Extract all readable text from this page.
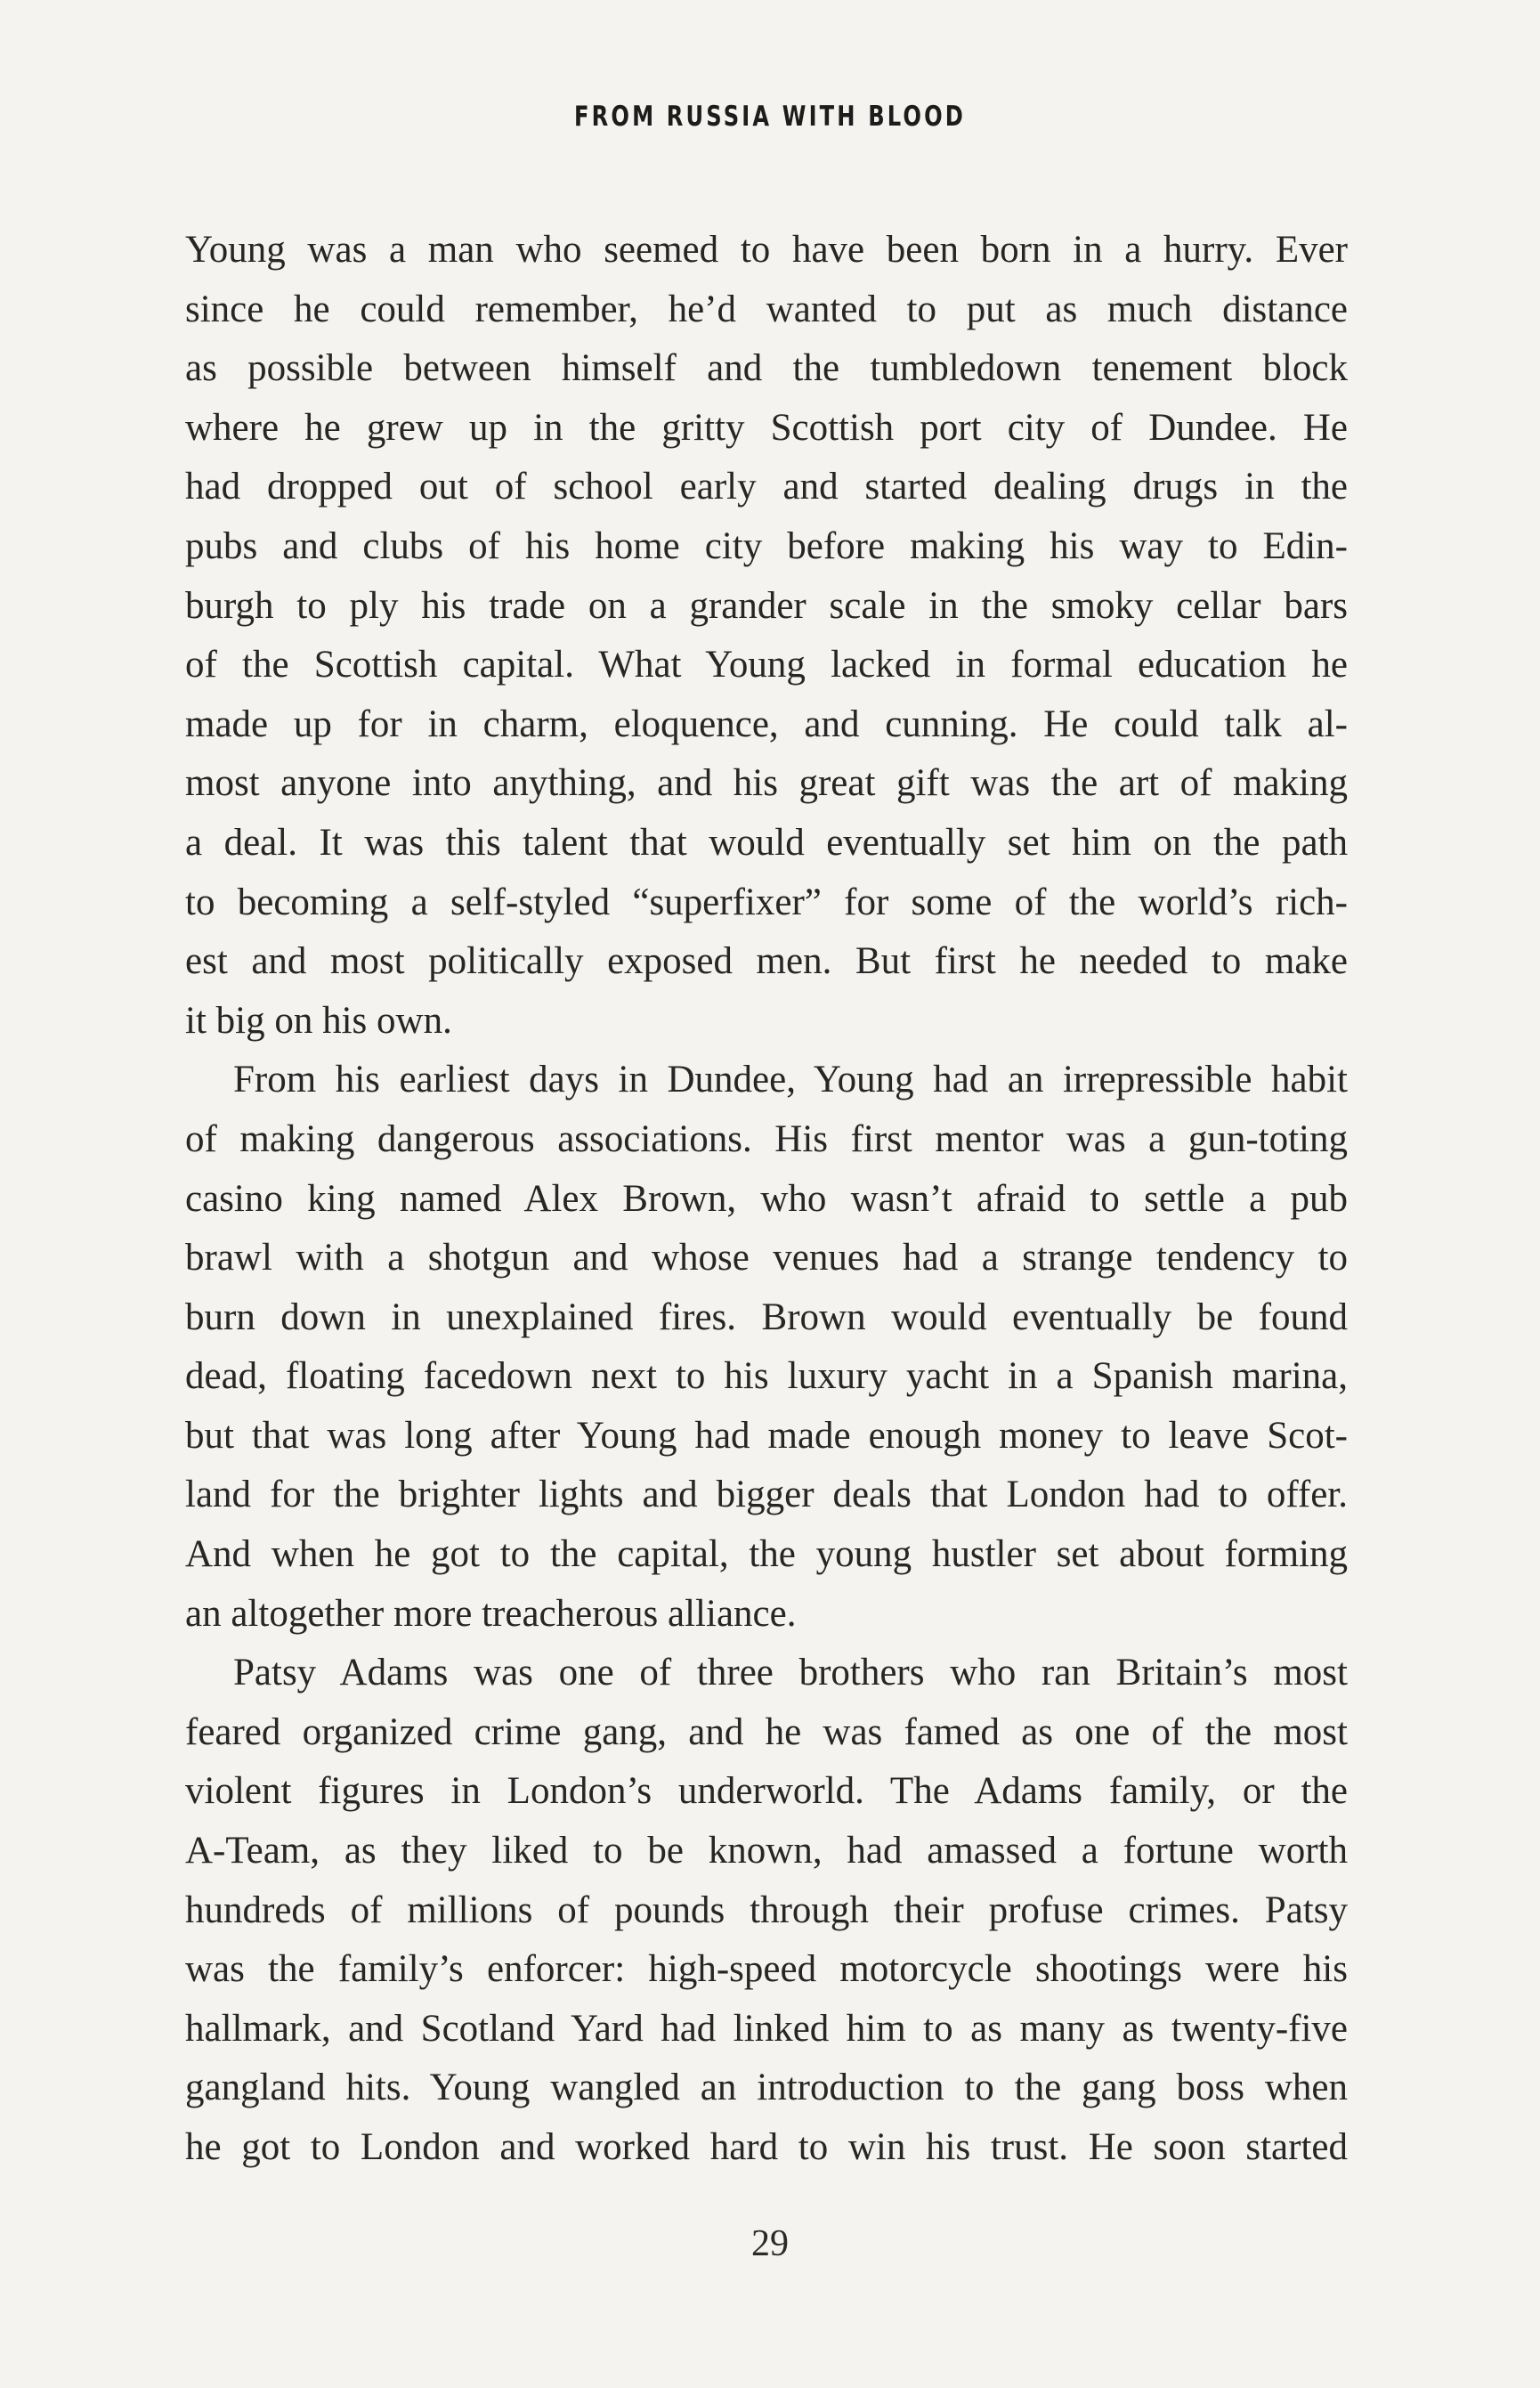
FROM RUSSIA WITH BLOOD
Young was a man who seemed to have been born in a hurry. Ever
since he could remember, he’d wanted to put as much distance
as possible between himself and the tumbledown tenement block
where he grew up in the gritty Scottish port city of Dundee. He
had dropped out of school early and started dealing drugs in the
pubs and clubs of his home city before making his way to Edin-
burgh to ply his trade on a grander scale in the smoky cellar bars
of the Scottish capital. What Young lacked in formal education he
made up for in charm, eloquence, and cunning. He could talk al-
most anyone into anything, and his great gift was the art of making
a deal. It was this talent that would eventually set him on the path
to becoming a self-styled “superfixer” for some of the world’s rich-
est and most politically exposed men. But first he needed to make
it big on his own.
From his earliest days in Dundee, Young had an irrepressible habit
of making dangerous associations. His first mentor was a gun-toting
casino king named Alex Brown, who wasn’t afraid to settle a pub
brawl with a shotgun and whose venues had a strange tendency to
burn down in unexplained fires. Brown would eventually be found
dead, floating facedown next to his luxury yacht in a Spanish marina,
but that was long after Young had made enough money to leave Scot-
land for the brighter lights and bigger deals that London had to offer.
And when he got to the capital, the young hustler set about forming
an altogether more treacherous alliance.
Patsy Adams was one of three brothers who ran Britain’s most
feared organized crime gang, and he was famed as one of the most
violent figures in London’s underworld. The Adams family, or the
A-Team, as they liked to be known, had amassed a fortune worth
hundreds of millions of pounds through their profuse crimes. Patsy
was the family’s enforcer: high-speed motorcycle shootings were his
hallmark, and Scotland Yard had linked him to as many as twenty-five
gangland hits. Young wangled an introduction to the gang boss when
he got to London and worked hard to win his trust. He soon started
29
